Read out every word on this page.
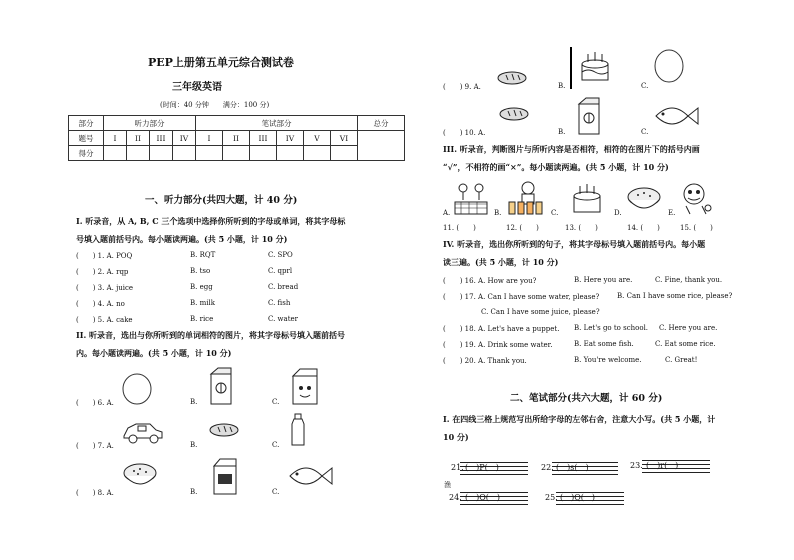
PEP上册第五单元综合测试卷
三年级英语
(时间：40 分钟　　满分：100 分)
部分	听力部分				笔试部分						总分
题号	I	II	III	IV	I	II	III	IV	V	VI	
得分											
一、听力部分(共四大题，计 40 分)
I. 听录音，从 A, B, C 三个选项中选择你所听到的字母或单词，将其字母标
号填入题前括号内。每小题读两遍。(共 5 小题，计 10 分)
(　　) 1. A. POQ	B. RQT	C. SPO
(　　) 2. A. rqp	B. tso	C. qprl
(　　) 3. A. juice	B. egg	C. bread
(　　) 4. A. no	B. milk	C. fish
(　　) 5. A. cake	B. rice	C. water
II. 听录音，选出与你所听到的单词相符的图片，将其字母标号填入题前括号
内。每小题读两遍。(共 5 小题，计 10 分)
(　　) 6. A.	B.	C.
(　　) 7. A.	B.	C.
(　　) 8. A.	B.	C.
(　　) 9. A.	B.	C.
(　　) 10. A.	B.	C.
III. 听录音，判断图片与所听内容是否相符，相符的在图片下的括号内画
“√”，不相符的画“×”。每小题读两遍。(共 5 小题，计 10 分)
A.	B.	C.	D.	E.
11. (　　)	12. (　　)	13. (　　)	14. (　　)	15. (　　)
IV. 听录音，选出你所听到的句子，将其字母标号填入题前括号内。每小题
读三遍。(共 5 小题，计 10 分)
(　　) 16. A. How are you?	B. Here you are.	C. Fine, thank you.
(　　) 17. A. Can I have some water, please?	B. Can I have some rice, please?
C. Can I have some juice, please?
(　　) 18. A. Let's have a puppet. B. Let's go to school. C. Here you are.
(　　) 19. A. Drink some water.	B. Eat some fish.	C. Eat some rice.
(　　) 20. A. Thank you.	B. You're welcome.	C. Great!
二、笔试部分(共六大题，计 60 分)
I. 在四线三格上规范写出所给字母的左邻右舍，注意大小写。(共 5 小题，计
10 分)
21. (　)P(　)	22. (　)s(　)	23. (　)r(　)
渔
24. (　)O(　)	25. (　)Q(　)
